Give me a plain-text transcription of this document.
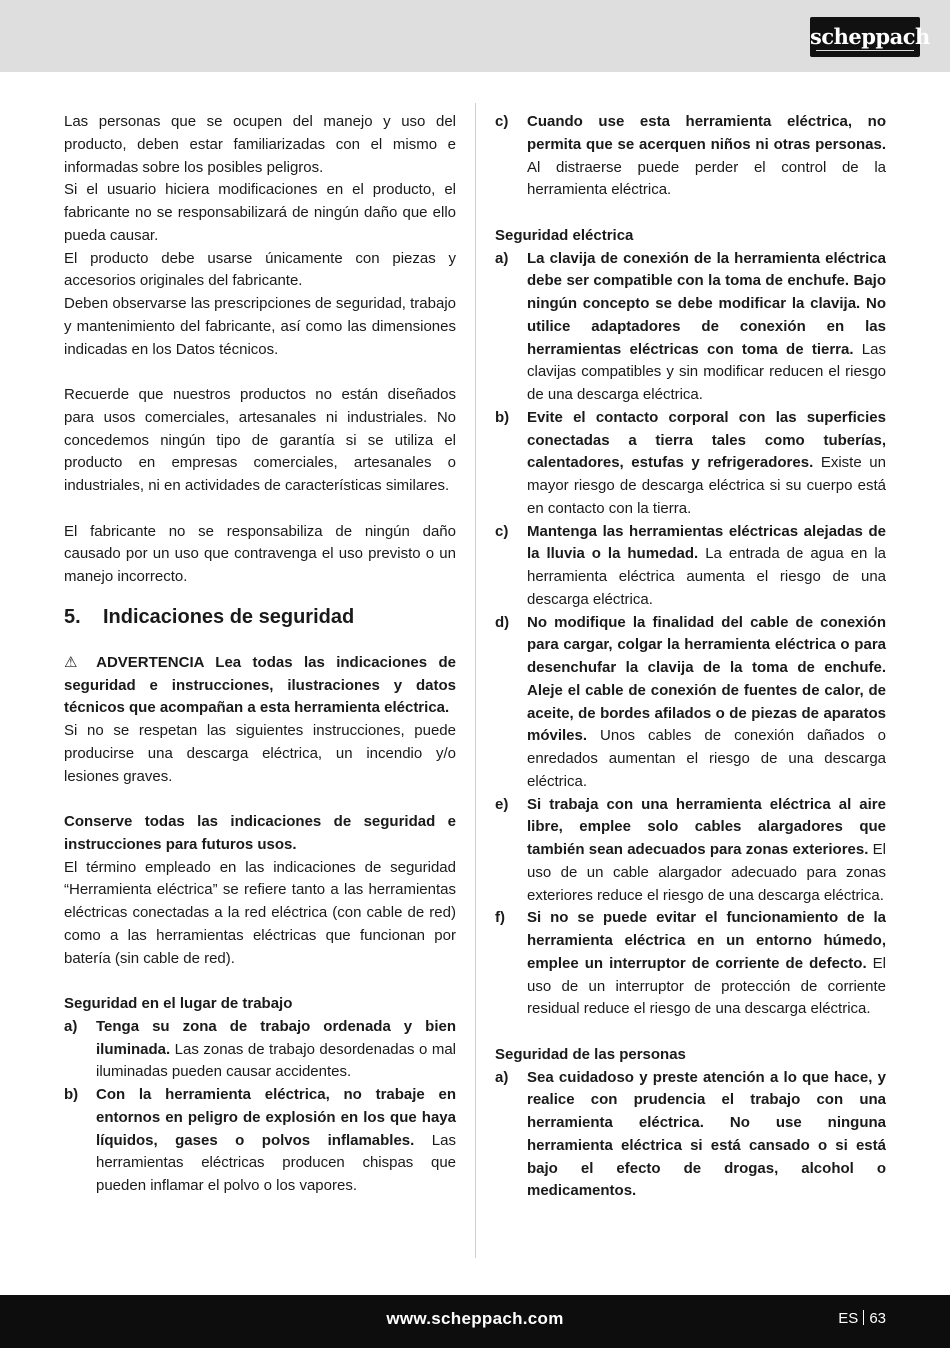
scheppach

Las personas que se ocupen del manejo y uso del producto, deben estar familiarizadas con el mismo e informadas sobre los posibles peligros.

Si el usuario hiciera modificaciones en el producto, el fabricante no se responsabilizará de ningún daño que ello pueda causar.

El producto debe usarse únicamente con piezas y accesorios originales del fabricante.

Deben observarse las prescripciones de seguridad, trabajo y mantenimiento del fabricante, así como las dimensiones indicadas en los Datos técnicos.

Recuerde que nuestros productos no están diseñados para usos comerciales, artesanales ni industriales. No concedemos ningún tipo de garantía si se utiliza el producto en empresas comerciales, artesanales o industriales, ni en actividades de características similares.

El fabricante no se responsabiliza de ningún daño causado por un uso que contravenga el uso previsto o un manejo incorrecto.

5.	Indicaciones de seguridad

⚠ ADVERTENCIA Lea todas las indicaciones de seguridad e instrucciones, ilustraciones y datos técnicos que acompañan a esta herramienta eléctrica.

Si no se respetan las siguientes instrucciones, puede producirse una descarga eléctrica, un incendio y/o lesiones graves.

Conserve todas las indicaciones de seguridad e instrucciones para futuros usos.

El término empleado en las indicaciones de seguridad “Herramienta eléctrica” se refiere tanto a las herramientas eléctricas conectadas a la red eléctrica (con cable de red) como a las herramientas eléctricas que funcionan por batería (sin cable de red).

Seguridad en el lugar de trabajo

a)	Tenga su zona de trabajo ordenada y bien iluminada. Las zonas de trabajo desordenadas o mal iluminadas pueden causar accidentes.
b)	Con la herramienta eléctrica, no trabaje en entornos en peligro de explosión en los que haya líquidos, gases o polvos inflamables. Las herramientas eléctricas producen chispas que pueden inflamar el polvo o los vapores.
c)	Cuando use esta herramienta eléctrica, no permita que se acerquen niños ni otras personas. Al distraerse puede perder el control de la herramienta eléctrica.

Seguridad eléctrica

a)	La clavija de conexión de la herramienta eléctrica debe ser compatible con la toma de enchufe. Bajo ningún concepto se debe modificar la clavija. No utilice adaptadores de conexión en las herramientas eléctricas con toma de tierra. Las clavijas compatibles y sin modificar reducen el riesgo de una descarga eléctrica.
b)	Evite el contacto corporal con las superficies conectadas a tierra tales como tuberías, calentadores, estufas y refrigeradores. Existe un mayor riesgo de descarga eléctrica si su cuerpo está en contacto con la tierra.
c)	Mantenga las herramientas eléctricas alejadas de la lluvia o la humedad. La entrada de agua en la herramienta eléctrica aumenta el riesgo de una descarga eléctrica.
d)	No modifique la finalidad del cable de conexión para cargar, colgar la herramienta eléctrica o para desenchufar la clavija de la toma de enchufe. Aleje el cable de conexión de fuentes de calor, de aceite, de bordes afilados o de piezas de aparatos móviles. Unos cables de conexión dañados o enredados aumentan el riesgo de una descarga eléctrica.
e)	Si trabaja con una herramienta eléctrica al aire libre, emplee solo cables alargadores que también sean adecuados para zonas exteriores. El uso de un cable alargador adecuado para zonas exteriores reduce el riesgo de una descarga eléctrica.
f)	Si no se puede evitar el funcionamiento de la herramienta eléctrica en un entorno húmedo, emplee un interruptor de corriente de defecto. El uso de un interruptor de protección de corriente residual reduce el riesgo de una descarga eléctrica.

Seguridad de las personas

a)	Sea cuidadoso y preste atención a lo que hace, y realice con prudencia el trabajo con una herramienta eléctrica. No use ninguna herramienta eléctrica si está cansado o si está bajo el efecto de drogas, alcohol o medicamentos.
www.scheppach.com	ES 63
